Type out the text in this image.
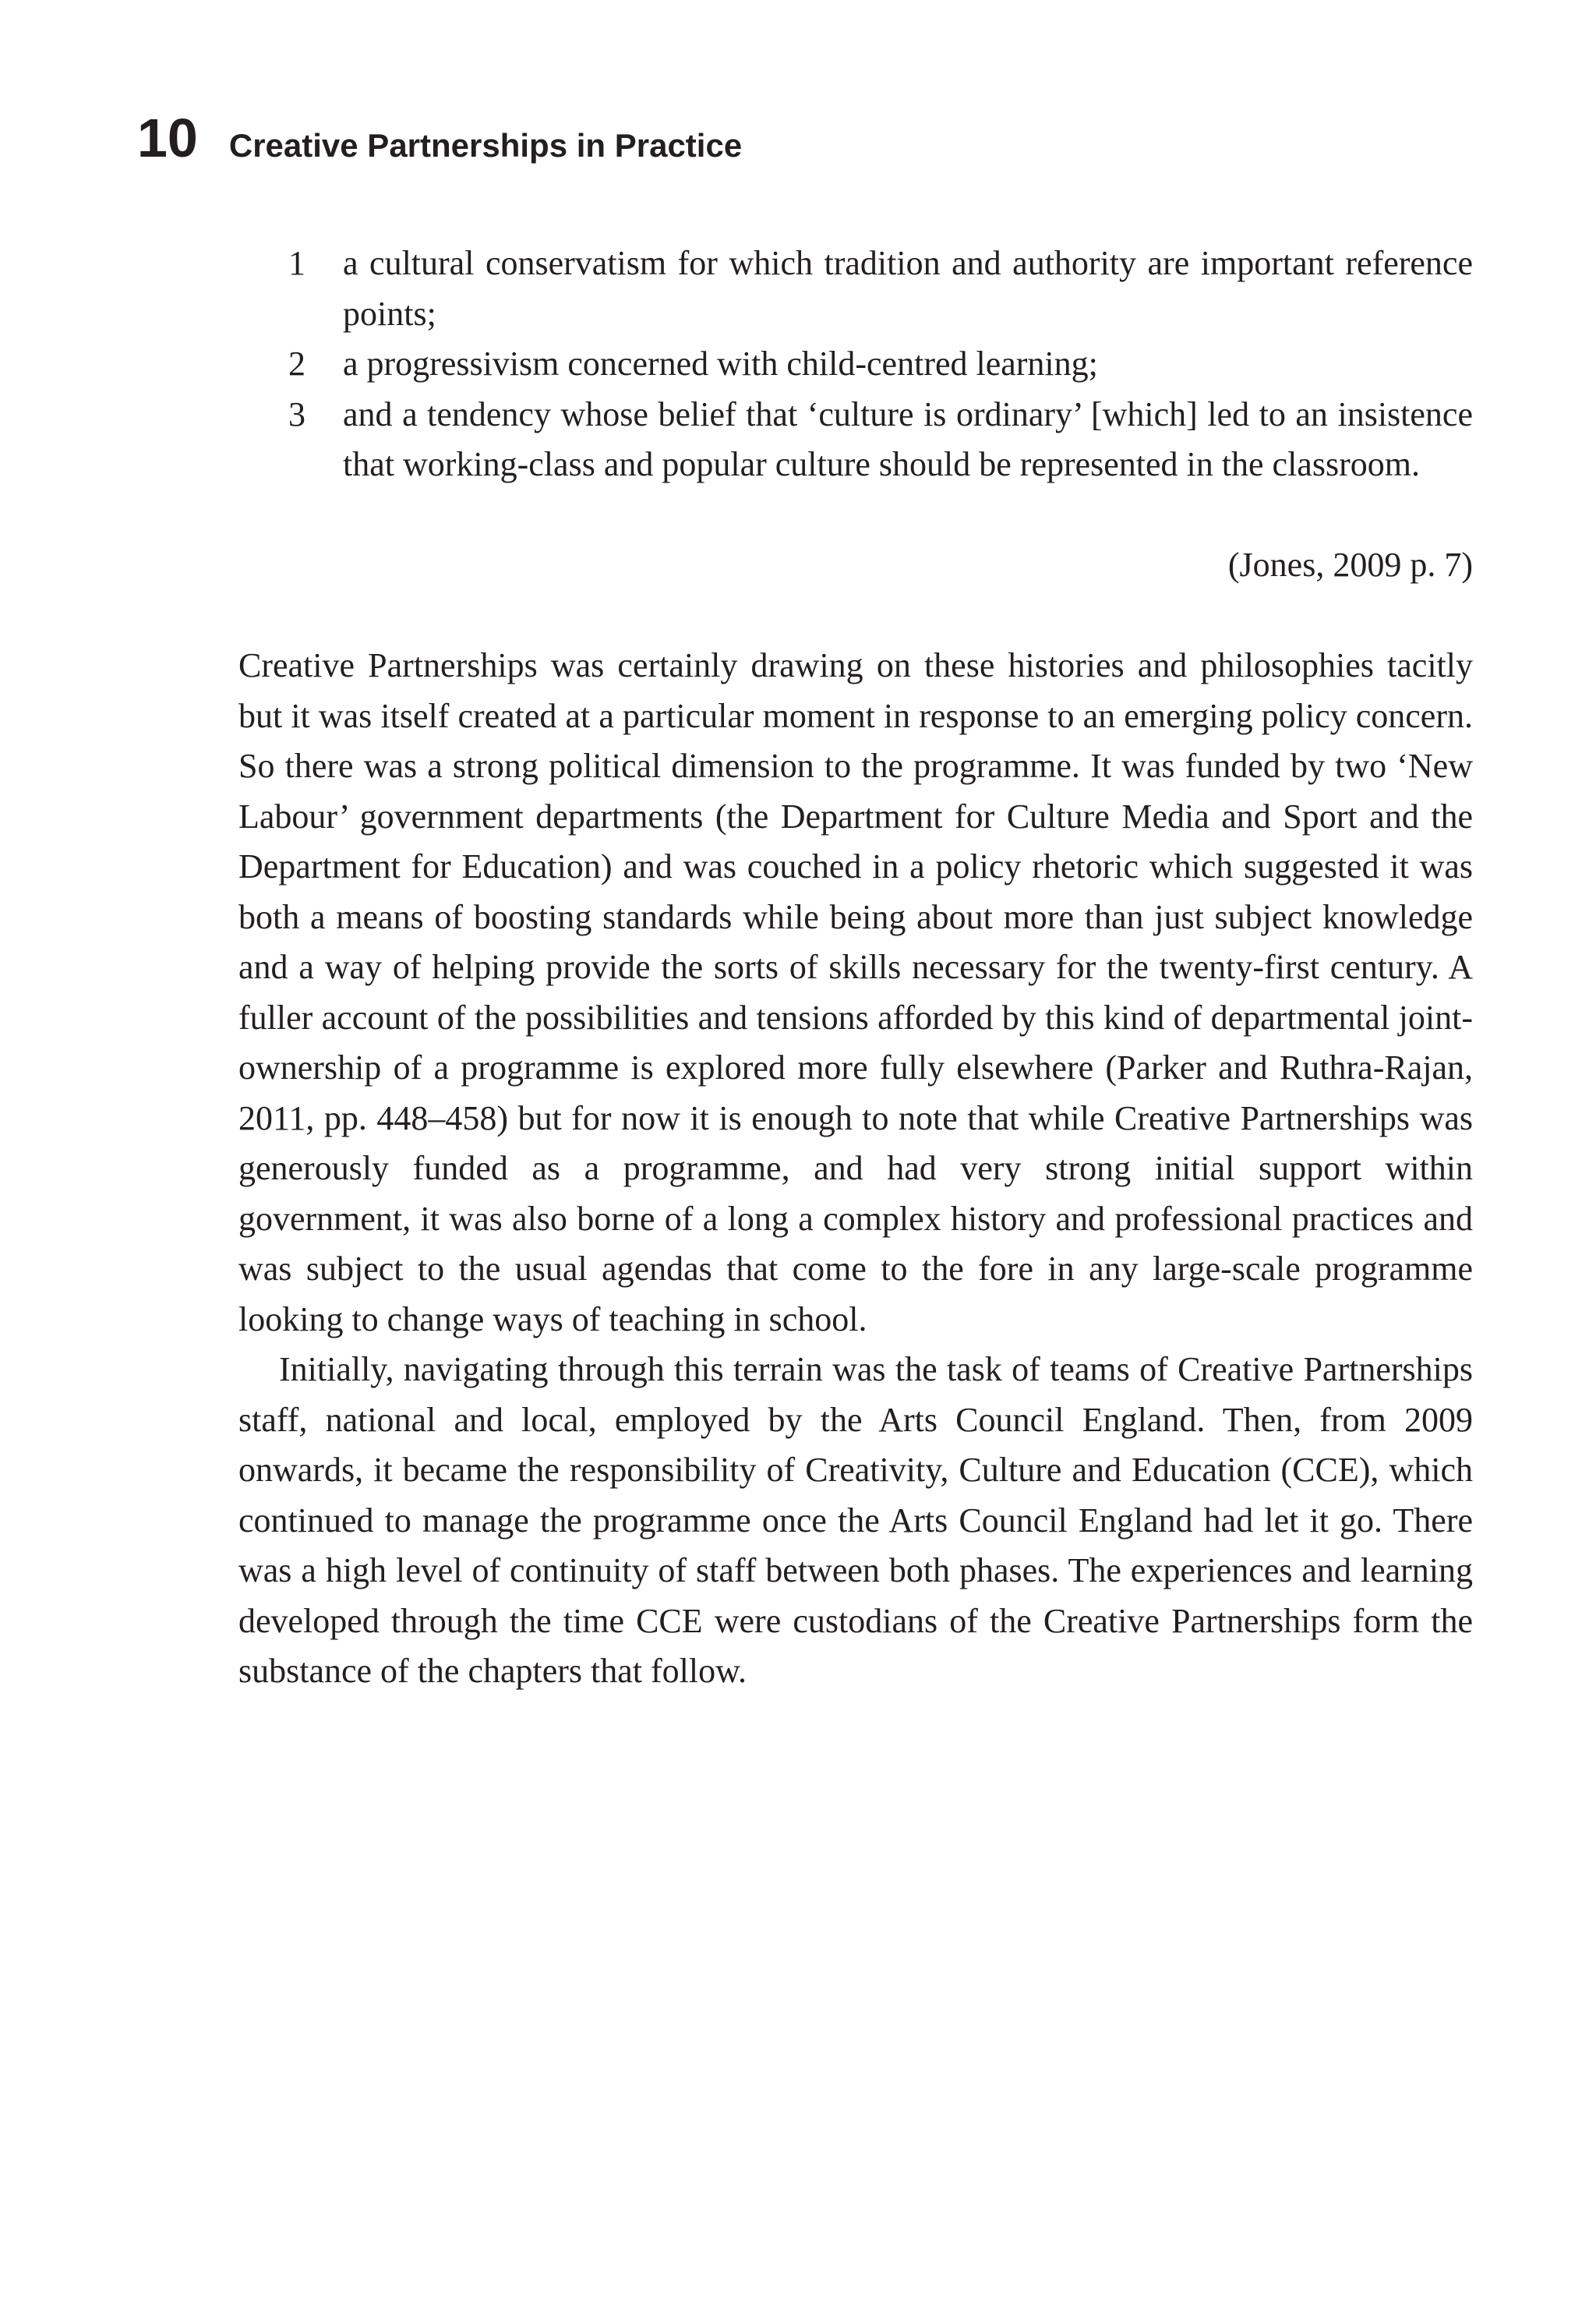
10 Creative Partnerships in Practice
1	a cultural conservatism for which tradition and authority are important reference points;
2	a progressivism concerned with child-centred learning;
3	and a tendency whose belief that ‘culture is ordinary’ [which] led to an insistence that working-class and popular culture should be represented in the classroom.
(Jones, 2009 p. 7)

Creative Partnerships was certainly drawing on these histories and philosophies tacitly but it was itself created at a particular moment in response to an emerging policy concern. So there was a strong political dimension to the programme. It was funded by two ‘New Labour’ government departments (the Department for Culture Media and Sport and the Department for Education) and was couched in a policy rhetoric which suggested it was both a means of boosting standards while being about more than just subject knowledge and a way of helping provide the sorts of skills necessary for the twenty-first century. A fuller account of the possibilities and tensions afforded by this kind of departmental joint-ownership of a programme is explored more fully elsewhere (Parker and Ruthra-Rajan, 2011, pp. 448–458) but for now it is enough to note that while Creative Partnerships was generously funded as a programme, and had very strong initial support within government, it was also borne of a long a complex history and professional practices and was subject to the usual agendas that come to the fore in any large-scale programme looking to change ways of teaching in school.

Initially, navigating through this terrain was the task of teams of Creative Partnerships staff, national and local, employed by the Arts Council England. Then, from 2009 onwards, it became the responsibility of Creativity, Culture and Education (CCE), which continued to manage the programme once the Arts Council England had let it go. There was a high level of continuity of staff between both phases. The experiences and learning developed through the time CCE were custodians of the Creative Partnerships form the substance of the chapters that follow.
